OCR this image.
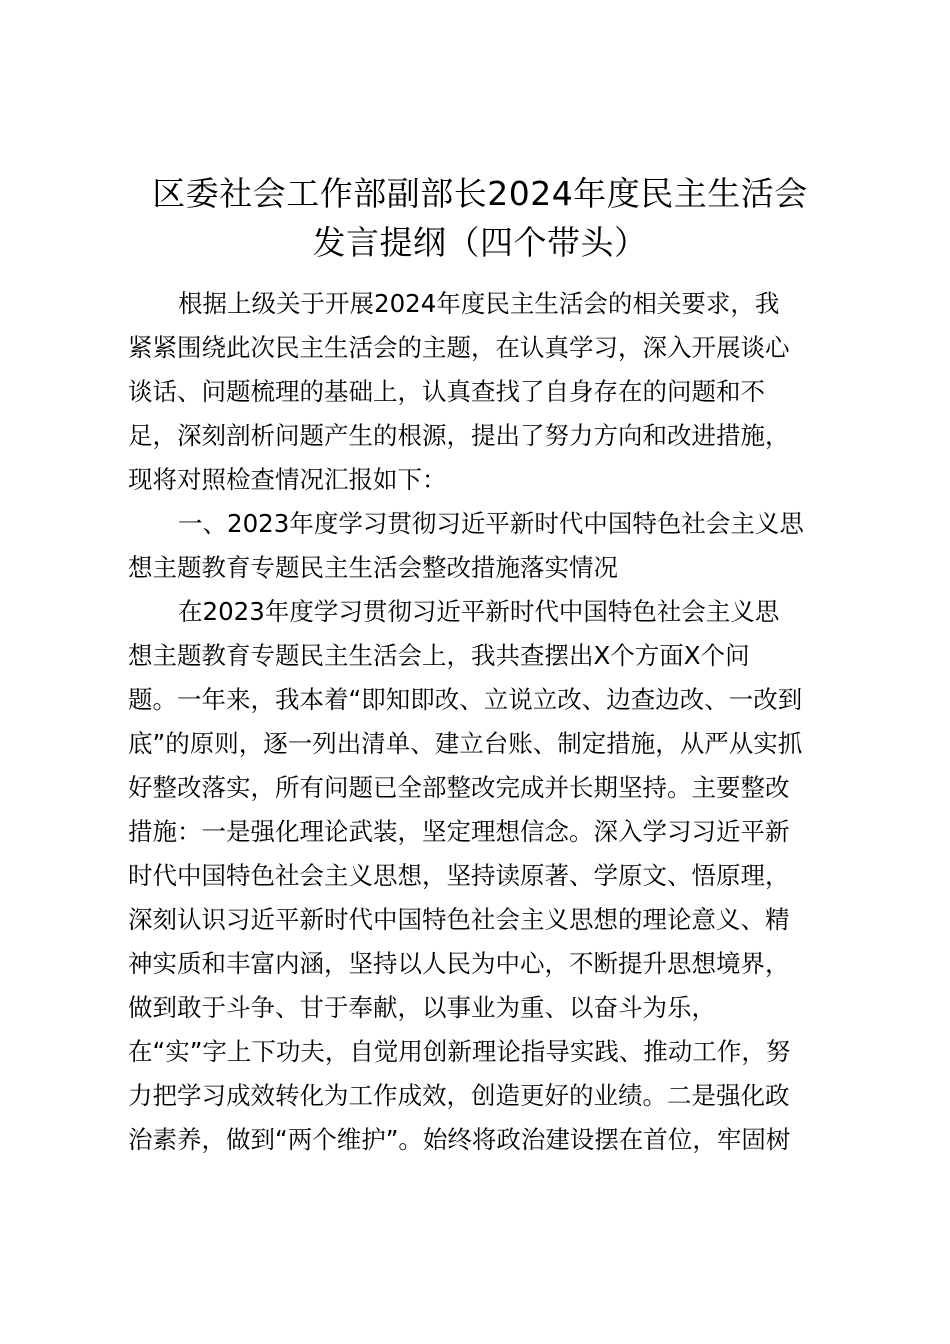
区委社会工作部副部长2024年度民主生活会
发言提纲（四个带头）
根据上级关于开展2024年度民主生活会的相关要求，我
紧紧围绕此次民主生活会的主题，在认真学习，深入开展谈心
谈话、问题梳理的基础上，认真查找了自身存在的问题和不
足，深刻剖析问题产生的根源，提出了努力方向和改进措施，
现将对照检查情况汇报如下：
一、2023年度学习贯彻习近平新时代中国特色社会主义思
想主题教育专题民主生活会整改措施落实情况
在2023年度学习贯彻习近平新时代中国特色社会主义思
想主题教育专题民主生活会上，我共查摆出X个方面X个问
题。一年来，我本着“即知即改、立说立改、边查边改、一改到
底”的原则，逐一列出清单、建立台账、制定措施，从严从实抓
好整改落实，所有问题已全部整改完成并长期坚持。主要整改
措施：一是强化理论武装，坚定理想信念。深入学习习近平新
时代中国特色社会主义思想，坚持读原著、学原文、悟原理，
深刻认识习近平新时代中国特色社会主义思想的理论意义、精
神实质和丰富内涵，坚持以人民为中心，不断提升思想境界，
做到敢于斗争、甘于奉献，以事业为重、以奋斗为乐，
在“实”字上下功夫，自觉用创新理论指导实践、推动工作，努
力把学习成效转化为工作成效，创造更好的业绩。二是强化政
治素养，做到“两个维护”。始终将政治建设摆在首位，牢固树
